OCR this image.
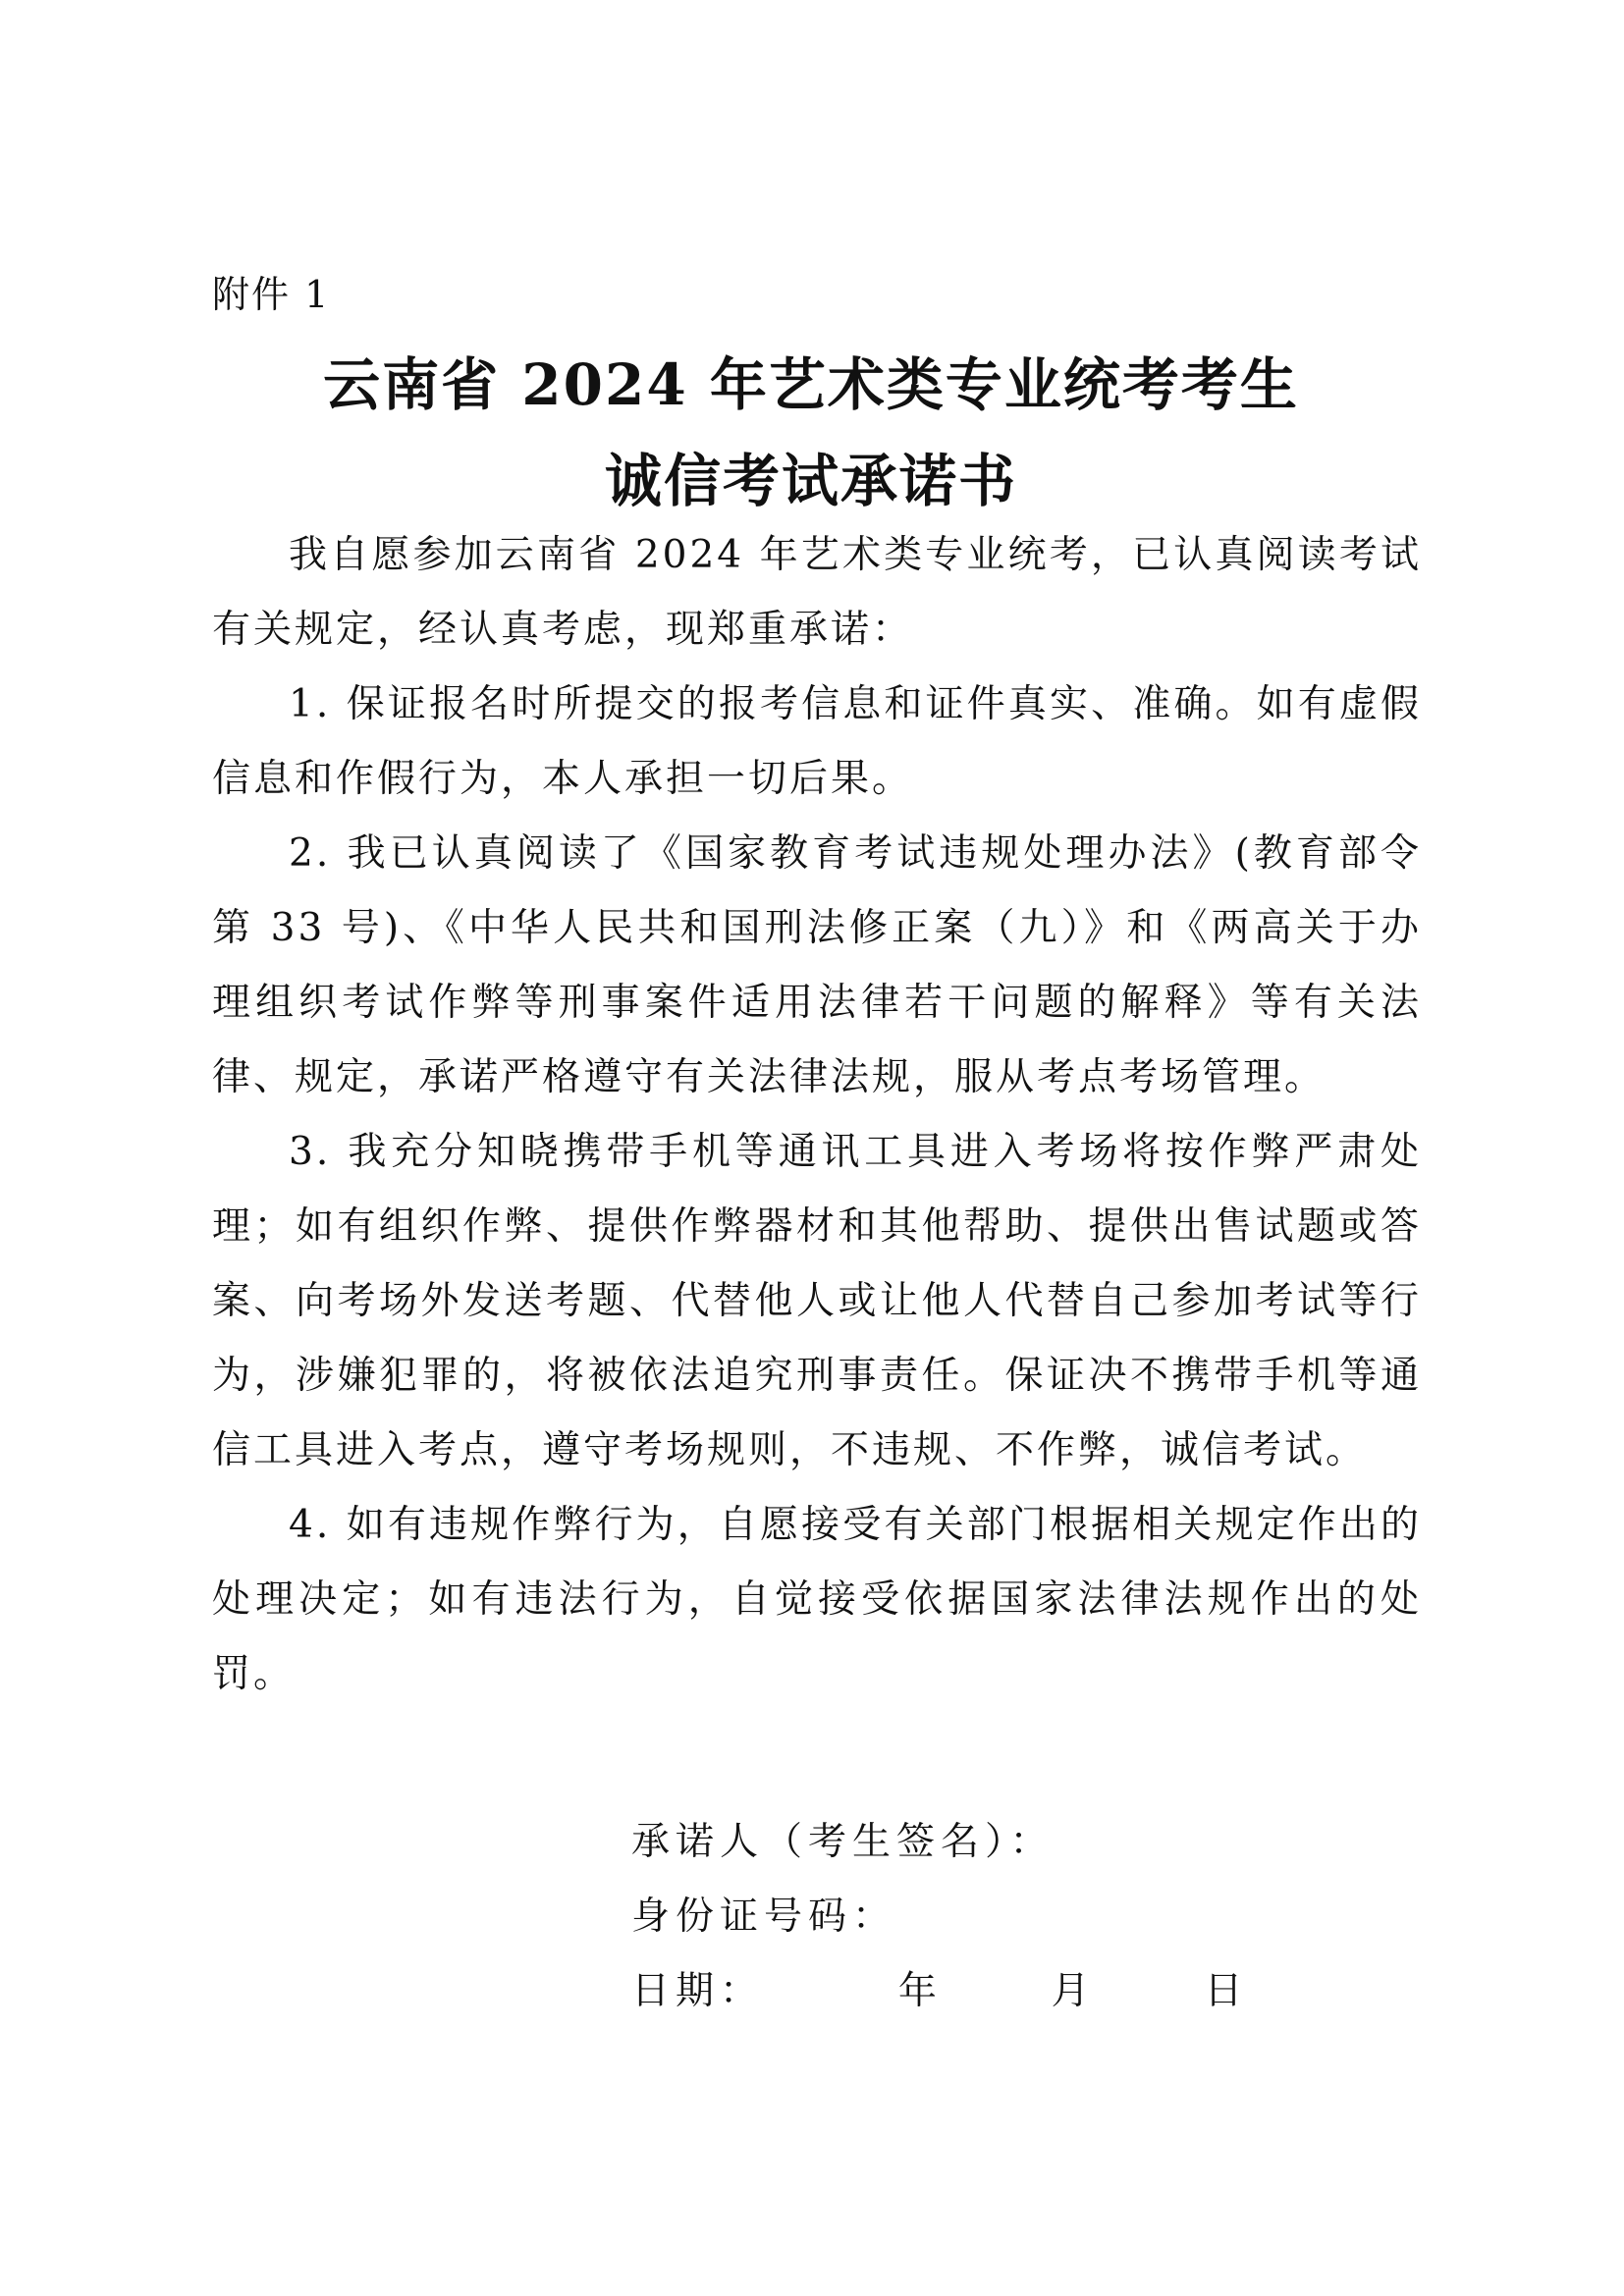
附件 1
云南省 2024 年艺术类专业统考考生
诚信考试承诺书

我自愿参加云南省 2024 年艺术类专业统考，已认真阅读考试有关规定，经认真考虑，现郑重承诺：

1. 保证报名时所提交的报考信息和证件真实、准确。如有虚假信息和作假行为，本人承担一切后果。

2. 我已认真阅读了《国家教育考试违规处理办法》(教育部令第 33 号)、《中华人民共和国刑法修正案（九）》和《两高关于办理组织考试作弊等刑事案件适用法律若干问题的解释》等有关法律、规定，承诺严格遵守有关法律法规，服从考点考场管理。

3. 我充分知晓携带手机等通讯工具进入考场将按作弊严肃处理；如有组织作弊、提供作弊器材和其他帮助、提供出售试题或答案、向考场外发送考题、代替他人或让他人代替自己参加考试等行为，涉嫌犯罪的，将被依法追究刑事责任。保证决不携带手机等通信工具进入考点，遵守考场规则，不违规、不作弊，诚信考试。

4. 如有违规作弊行为，自愿接受有关部门根据相关规定作出的处理决定；如有违法行为，自觉接受依据国家法律法规作出的处罚。

承诺人（考生签名）：
身份证号码：
日期：	年	月	日
